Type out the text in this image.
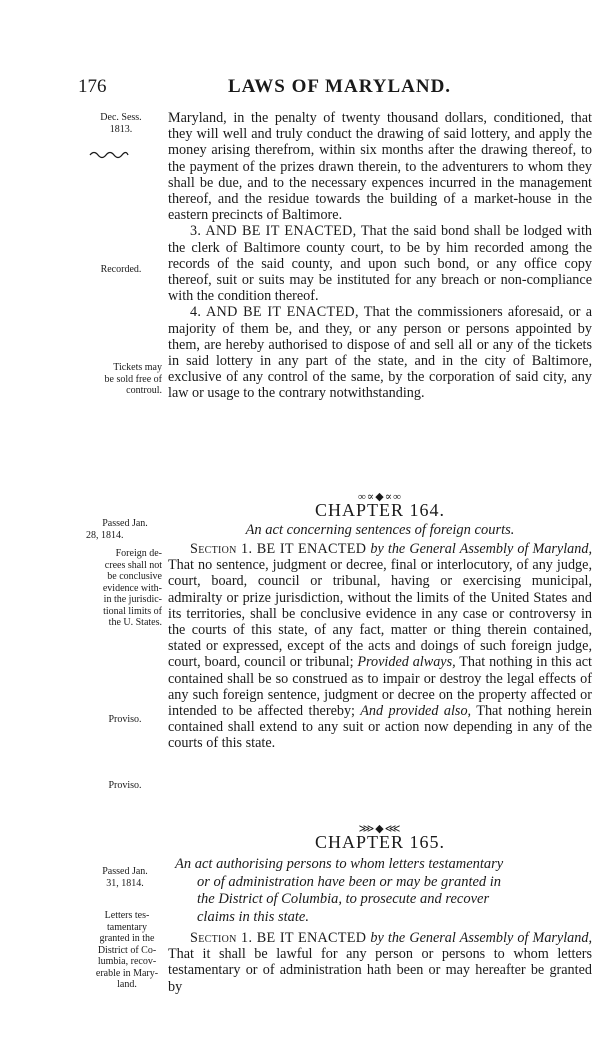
176	LAWS OF MARYLAND.
Dec. Sess.
1813.
Recorded.
Tickets may
be sold free of
controul.
Passed Jan.
28, 1814.
Foreign de-
crees shall not
be conclusive
evidence with-
in the jurisdic-
tional limits of
the U. States.
Proviso.
Proviso.
Passed Jan.
31, 1814.
Letters tes-
tamentary
granted in the
District of Co-
lumbia, recov-
erable in Mary-
land.

Maryland, in the penalty of twenty thousand dollars, conditioned, that they will well and truly conduct the drawing of said lottery, and apply the money arising therefrom, within six months after the drawing thereof, to the payment of the prizes drawn therein, to the adventurers to whom they shall be due, and to the necessary expences incurred in the management thereof, and the residue towards the building of a market-house in the eastern precincts of Baltimore.

3. AND BE IT ENACTED, That the said bond shall be lodged with the clerk of Baltimore county court, to be by him recorded among the records of the said county, and upon such bond, or any office copy thereof, suit or suits may be instituted for any breach or non-compliance with the condition thereof.

4. AND BE IT ENACTED, That the commissioners aforesaid, or a majority of them be, and they, or any person or persons appointed by them, are hereby authorised to dispose of and sell all or any of the tickets in said lottery in any part of the state, and in the city of Baltimore, exclusive of any control of the same, by the corporation of said city, any law or usage to the contrary notwithstanding.

∞∝◆∝∞
CHAPTER 164.
An act concerning sentences of foreign courts.

Section 1. BE IT ENACTED by the General Assembly of Maryland, That no sentence, judgment or decree, final or interlocutory, of any judge, court, board, council or tribunal, having or exercising municipal, admiralty or prize jurisdiction, without the limits of the United States and its territories, shall be conclusive evidence in any case or controversy in the courts of this state, of any fact, matter or thing therein contained, stated or expressed, except of the acts and doings of such foreign judge, court, board, council or tribunal; Provided always, That nothing in this act contained shall be so construed as to impair or destroy the legal effects of any such foreign sentence, judgment or decree on the property affected or intended to be affected thereby; And provided also, That nothing herein contained shall extend to any suit or action now depending in any of the courts of this state.

⋙◆⋘
CHAPTER 165.
An act authorising persons to whom letters testamentary
or of administration have been or may be granted in
the District of Columbia, to prosecute and recover
claims in this state.

Section 1. BE IT ENACTED by the General Assembly of Maryland, That it shall be lawful for any person or persons to whom letters testamentary or of administration hath been or may hereafter be granted by
